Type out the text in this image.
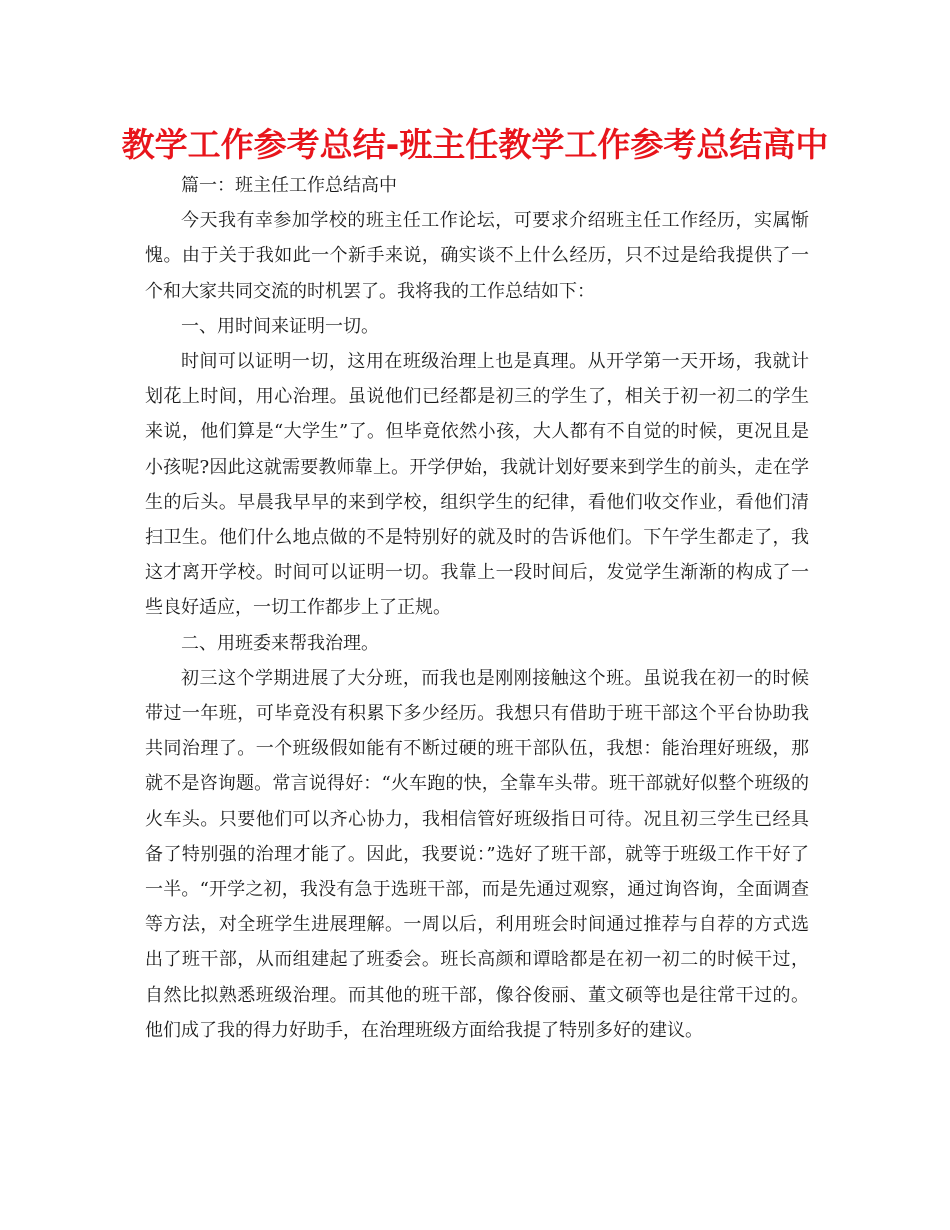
教学工作参考总结-班主任教学工作参考总结高中

篇一：班主任工作总结高中

今天我有幸参加学校的班主任工作论坛，可要求介绍班主任工作经历，实属惭愧。由于关于我如此一个新手来说，确实谈不上什么经历，只不过是给我提供了一个和大家共同交流的时机罢了。我将我的工作总结如下：

一、用时间来证明一切。

时间可以证明一切，这用在班级治理上也是真理。从开学第一天开场，我就计划花上时间，用心治理。虽说他们已经都是初三的学生了，相关于初一初二的学生来说，他们算是“大学生”了。但毕竟依然小孩，大人都有不自觉的时候，更况且是小孩呢?因此这就需要教师靠上。开学伊始，我就计划好要来到学生的前头，走在学生的后头。早晨我早早的来到学校，组织学生的纪律，看他们收交作业，看他们清扫卫生。他们什么地点做的不是特别好的就及时的告诉他们。下午学生都走了，我这才离开学校。时间可以证明一切。我靠上一段时间后，发觉学生渐渐的构成了一些良好适应，一切工作都步上了正规。

二、用班委来帮我治理。

初三这个学期进展了大分班，而我也是刚刚接触这个班。虽说我在初一的时候带过一年班，可毕竟没有积累下多少经历。我想只有借助于班干部这个平台协助我共同治理了。一个班级假如能有不断过硬的班干部队伍，我想：能治理好班级，那就不是咨询题。常言说得好：“火车跑的快，全靠车头带。班干部就好似整个班级的火车头。只要他们可以齐心协力，我相信管好班级指日可待。况且初三学生已经具备了特别强的治理才能了。因此，我要说：”选好了班干部，就等于班级工作干好了一半。“开学之初，我没有急于选班干部，而是先通过观察，通过询咨询，全面调查等方法，对全班学生进展理解。一周以后，利用班会时间通过推荐与自荐的方式选出了班干部，从而组建起了班委会。班长高颜和谭晗都是在初一初二的时候干过，自然比拟熟悉班级治理。而其他的班干部，像谷俊丽、董文硕等也是往常干过的。他们成了我的得力好助手，在治理班级方面给我提了特别多好的建议。
